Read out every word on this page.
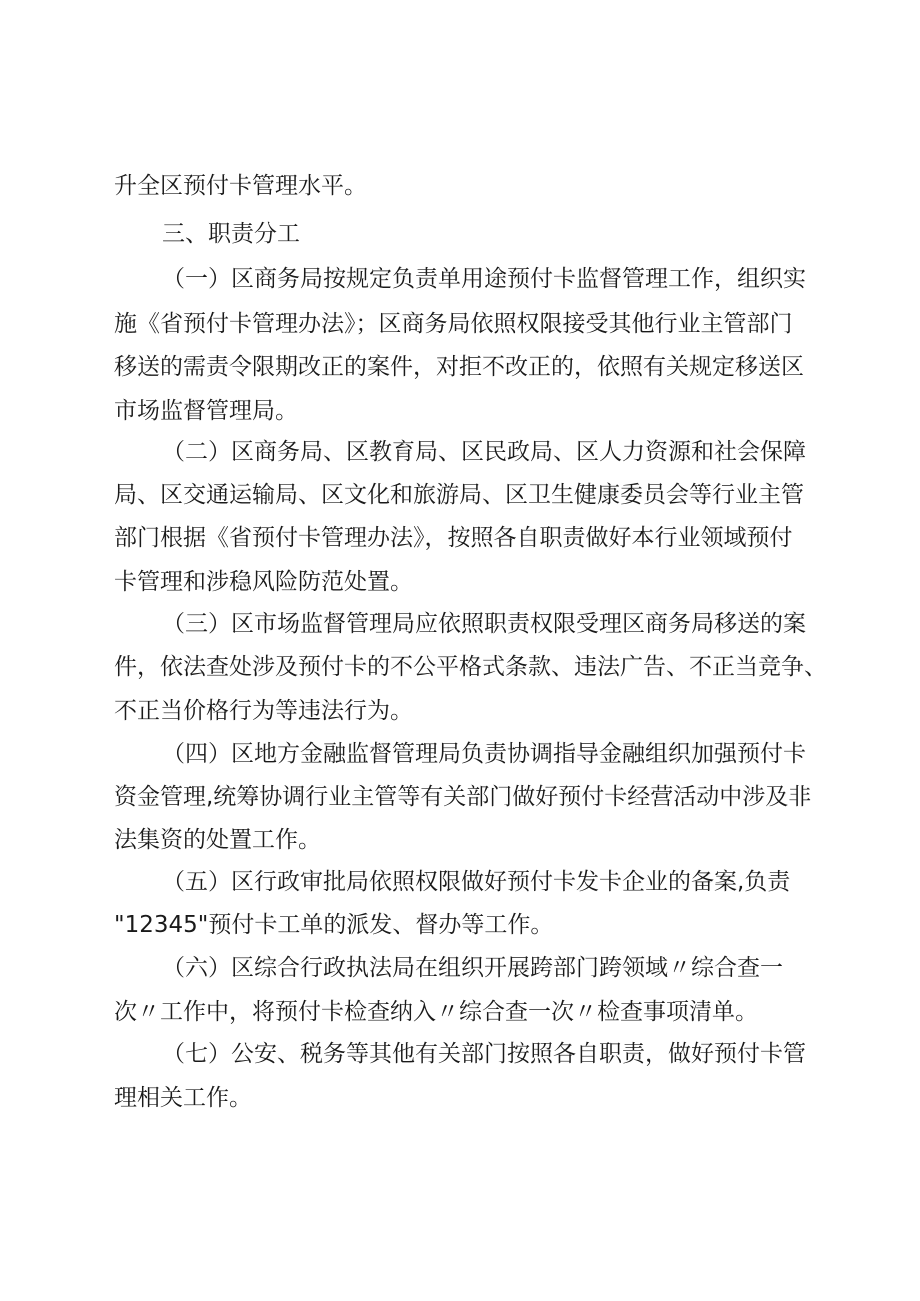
升全区预付卡管理水平。

三、职责分工

（一）区商务局按规定负责单用途预付卡监督管理工作，组织实

施《省预付卡管理办法》；区商务局依照权限接受其他行业主管部门

移送的需责令限期改正的案件，对拒不改正的，依照有关规定移送区

市场监督管理局。

（二）区商务局、区教育局、区民政局、区人力资源和社会保障

局、区交通运输局、区文化和旅游局、区卫生健康委员会等行业主管

部门根据《省预付卡管理办法》，按照各自职责做好本行业领域预付

卡管理和涉稳风险防范处置。

（三）区市场监督管理局应依照职责权限受理区商务局移送的案

件，依法查处涉及预付卡的不公平格式条款、违法广告、不正当竞争、

不正当价格行为等违法行为。

（四）区地方金融监督管理局负责协调指导金融组织加强预付卡

资金管理,统筹协调行业主管等有关部门做好预付卡经营活动中涉及非

法集资的处置工作。

（五）区行政审批局依照权限做好预付卡发卡企业的备案,负责

"12345"预付卡工单的派发、督办等工作。

（六）区综合行政执法局在组织开展跨部门跨领域〃综合查一

次〃工作中，将预付卡检查纳入〃综合查一次〃检查事项清单。

（七）公安、税务等其他有关部门按照各自职责，做好预付卡管

理相关工作。
